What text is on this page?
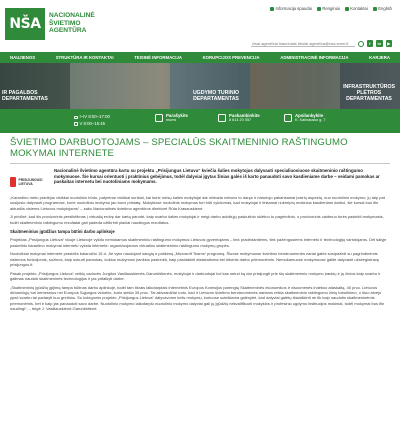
NŠA
NACIONALINĖ
ŠVIETIMO
AGENTŪRA
Informacija spaudai	Renginiai	Kontaktai	English
Visai agentūrai kiauriniais tiesiai agentūra@nsa.smm.lt
f	in	▶
NAUJIENOS	STRUKTŪRA IR KONTAKTAI	TEISINĖ INFORMACIJA	KORUPCIJOS PREVENCIJA	ADMINISTRACINĖ INFORMACIJA	KARJERA
IR PAGALBOS
DEPARTAMENTAS
UGDYMO TURINIO
DEPARTAMENTAS
INFRASTRUKTŪROS
PLĖTROS
DEPARTAMENTAS
I–IV 8:00–17:00
V 8:00–15:45
Parašykite
mums
Paskambinkite
8 614 20 057
Apsilankykite
K. Kalinausko g. 7
ŠVIETIMO DARBUOTOJAMS – SPECIALŪS SKAITMENINIO RAŠTINGUMO MOKYMAI INTERNETE
PRISIJUNGUSI LIETUVA

Nacionalinė švietimo agentūra kartu su projektu „Prisijungus Lietuva“ kviečia šalies mokytojus dalyvauti specialiuosiuose skaitmeninio raštingumo mokymuose. Šie kursai orientuoti į praktinius gebėjimus, todėl dalyviai įgytas žinias galės iš karto panaudoti savo kasdieniame darbe – veidami pamokas ar paskaitas internetu bei nuotoliniams mokymams.

„Karantino metu pradėjus visiškai nuotolinio būdu, patyrėme visiškai sunkiai, kai kurie mūsų šalies mokytojai dar niekada nebuvo to daręs ir naturiojo pakankamai įvairių aspektų, nuo nuotolinio mokymo, jų taip pat susijusio dalyvauti programose, kurie nuotoliniu mokymu jau buvo pristatę. Mokyklose nuotolinis mokymas turi būti vykdomas, kad mokytojai ir tinkamai nukreiptų mokinius kasdieniam darbui, šie kursai bus itin aktualūs visiems Lietuvos mokytojams“ – sako Nacionalinės švietimo agentūros direktorė Rūta Krasauskienė.

Ji pridūrė, kad šis provizorinis persikėlimas į virtualią erdvę dar kartą parodė, kaip svarbu šalies mokytojai ir netgi darbo aukštųjų paskutinio skirtino to pagrindinio, o provizorinis vaidmuo turės pasiekti mokymasis, todėl skaitmeninio raštingumo rezultatai gali padeda užtikrinti plačiai naudingus rezultatus.

Skaitmeninius įgūdžius tampa būtini darbo aplinkoje

Projektas „Prisijungus Lietuva“ vicuje Lietuvoje vykdo nemokamus skaitmeninio raštingumo mokymus Lietuvos gyventojams – tiek pradedantiems, tiek pažengusiems interneto ir technologijų vartotojams. Dėl šalyje paskelbto karantino mokymai internetu vyksta internete: organizuojamos virtualios skaitmeninio raštingumo mokymų grupės.

Nuotoliniai mokymai internete prasidės balandžio 15 d. Jie vyks naudojant saugią ir patikimą „Microsoft Teams“ programą. Šiuose mokymuose švietimo bendruomenės nariai galės susipažinti su pagrindinėmis sistemos funkcijomis, sužinos, kaip sukurti pamokas, kokius mokymosi įrankius pasirinkti, kaip pasidalinti atsiskaitoma bei kitomis darbo priemonėmis. Nemokamuose mokymuose galite dalyvauti užsiregistravę prisijungus.lt.

Pasak projekto „Prisijungus Lietuva“ veiklų vadovės Jurgitos Vasiliauskienės-Garunkštienės, mokytojai ir darbuotojai kol kas neturi ką dar prisijungti prie šių skaitmeninio mokymo įrankių ir jų žinios kaip svarbu ir galimas naudoti skaitmeninės technologijos ir jas pritaikyti darbe.

„Skaitmeninių įgūdžių įgijimą tampa būtinas darbo aplinkoje, todėl tam tikrais laikotarpiais internetinis Europos Komisijos parengtą Skaitmeninės ekonomikos ir visuomenės indekso ataskaitą, 40 proc. Lietuvos dirbančiųjų turi žemesnius nei Europos Sąjungos vidurkio, kurio siekia 35 proc. Tai akivaizdžiai rodo, kad ir Lietuvos švietimo bendruomenės nariams reikia skaitmeninio raštingumo žinių tobulinimo, o šiuo atveju ypač svarbu tai padaryti kuo greičiau. Su kolegomis projekto „Prisijungus Lietuva“ dalyvavome kelis mokymų, kuriuose suteikiama galimybė, kad dalyviai galėtų išsiaiškinti ne tik kaip naudotis skaitmeninėmis priemonėmis, bet ir kaip jas panaudoti savo darbe. Nuotolinio mokymo laikotarpiu nuotolinio mokymo dalyviai gali jų įgūdžių nekvalifikuoti mokyklos ir profesinio ugdymo institucijos mokiniai, todėl mokymai bus itin naudingi“, – teigė J. Vasiliauskienė-Garunkštienė.
